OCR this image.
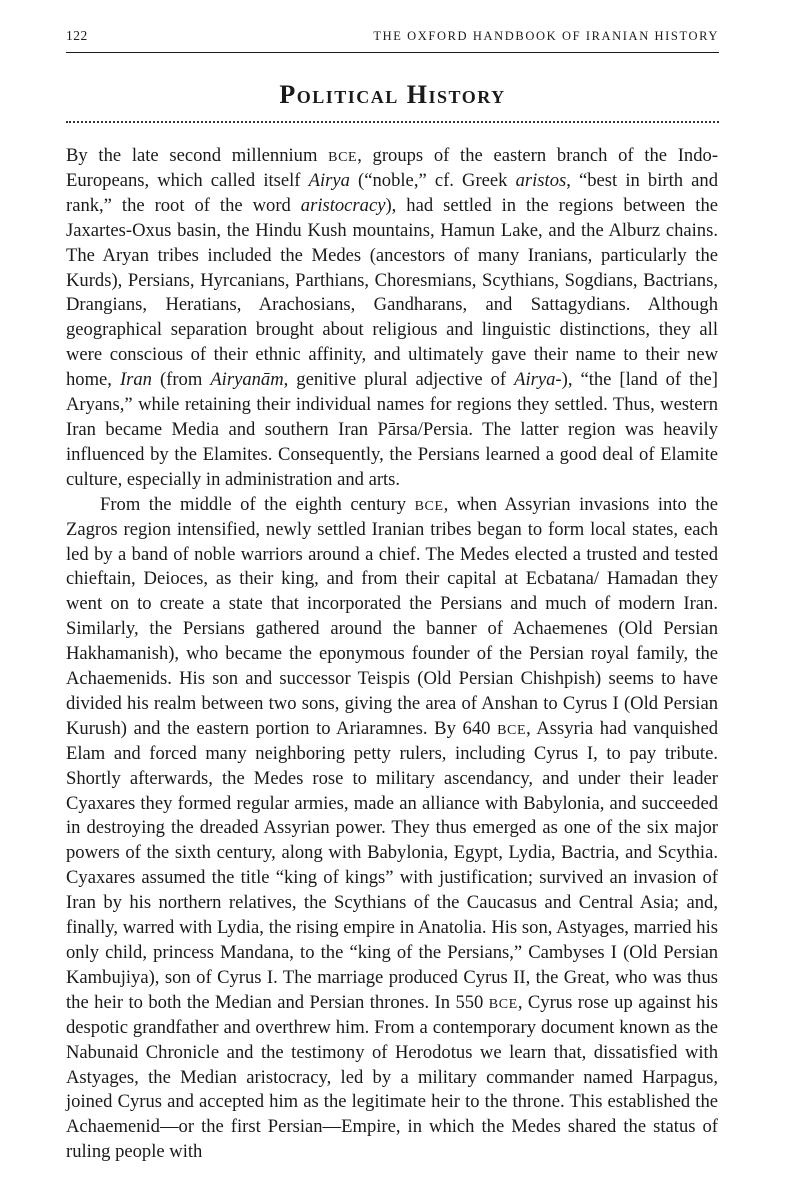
122	THE OXFORD HANDBOOK OF IRANIAN HISTORY
Political History

By the late second millennium bce, groups of the eastern branch of the Indo-Europeans, which called itself Airya (“noble,” cf. Greek aristos, “best in birth and rank,” the root of the word aristocracy), had settled in the regions between the Jaxartes-Oxus basin, the Hindu Kush mountains, Hamun Lake, and the Alburz chains. The Aryan tribes included the Medes (ancestors of many Iranians, particularly the Kurds), Persians, Hyrcanians, Parthians, Choresmians, Scythians, Sogdians, Bactrians, Drangians, Heratians, Arachosians, Gandharans, and Sattagydians. Although geographical separation brought about religious and linguistic distinctions, they all were conscious of their ethnic affinity, and ultimately gave their name to their new home, Iran (from Airyanām, genitive plural adjective of Airya-), “the [land of the] Aryans,” while retaining their individual names for regions they settled. Thus, western Iran became Media and southern Iran Pārsa/Persia. The latter region was heavily influenced by the Elamites. Consequently, the Persians learned a good deal of Elamite culture, especially in administration and arts.

From the middle of the eighth century bce, when Assyrian invasions into the Zagros region intensified, newly settled Iranian tribes began to form local states, each led by a band of noble warriors around a chief. The Medes elected a trusted and tested chieftain, Deioces, as their king, and from their capital at Ecbatana/ Hamadan they went on to create a state that incorporated the Persians and much of modern Iran. Similarly, the Persians gathered around the banner of Achaemenes (Old Persian Hakhamanish), who became the eponymous founder of the Persian royal family, the Achaemenids. His son and successor Teispis (Old Persian Chishpish) seems to have divided his realm between two sons, giving the area of Anshan to Cyrus I (Old Persian Kurush) and the eastern portion to Ariaramnes. By 640 bce, Assyria had vanquished Elam and forced many neighboring petty rulers, including Cyrus I, to pay tribute. Shortly afterwards, the Medes rose to military ascendancy, and under their leader Cyaxares they formed regular armies, made an alliance with Babylonia, and succeeded in destroying the dreaded Assyrian power. They thus emerged as one of the six major powers of the sixth century, along with Babylonia, Egypt, Lydia, Bactria, and Scythia. Cyaxares assumed the title “king of kings” with justification; survived an invasion of Iran by his northern relatives, the Scythians of the Caucasus and Central Asia; and, finally, warred with Lydia, the rising empire in Anatolia. His son, Astyages, married his only child, princess Mandana, to the “king of the Persians,” Cambyses I (Old Persian Kambujiya), son of Cyrus I. The marriage produced Cyrus II, the Great, who was thus the heir to both the Median and Persian thrones. In 550 bce, Cyrus rose up against his despotic grandfather and overthrew him. From a contemporary document known as the Nabunaid Chronicle and the testimony of Herodotus we learn that, dissatisfied with Astyages, the Median aristocracy, led by a military commander named Harpagus, joined Cyrus and accepted him as the legitimate heir to the throne. This established the Achaemenid—or the first Persian—Empire, in which the Medes shared the status of ruling people with
